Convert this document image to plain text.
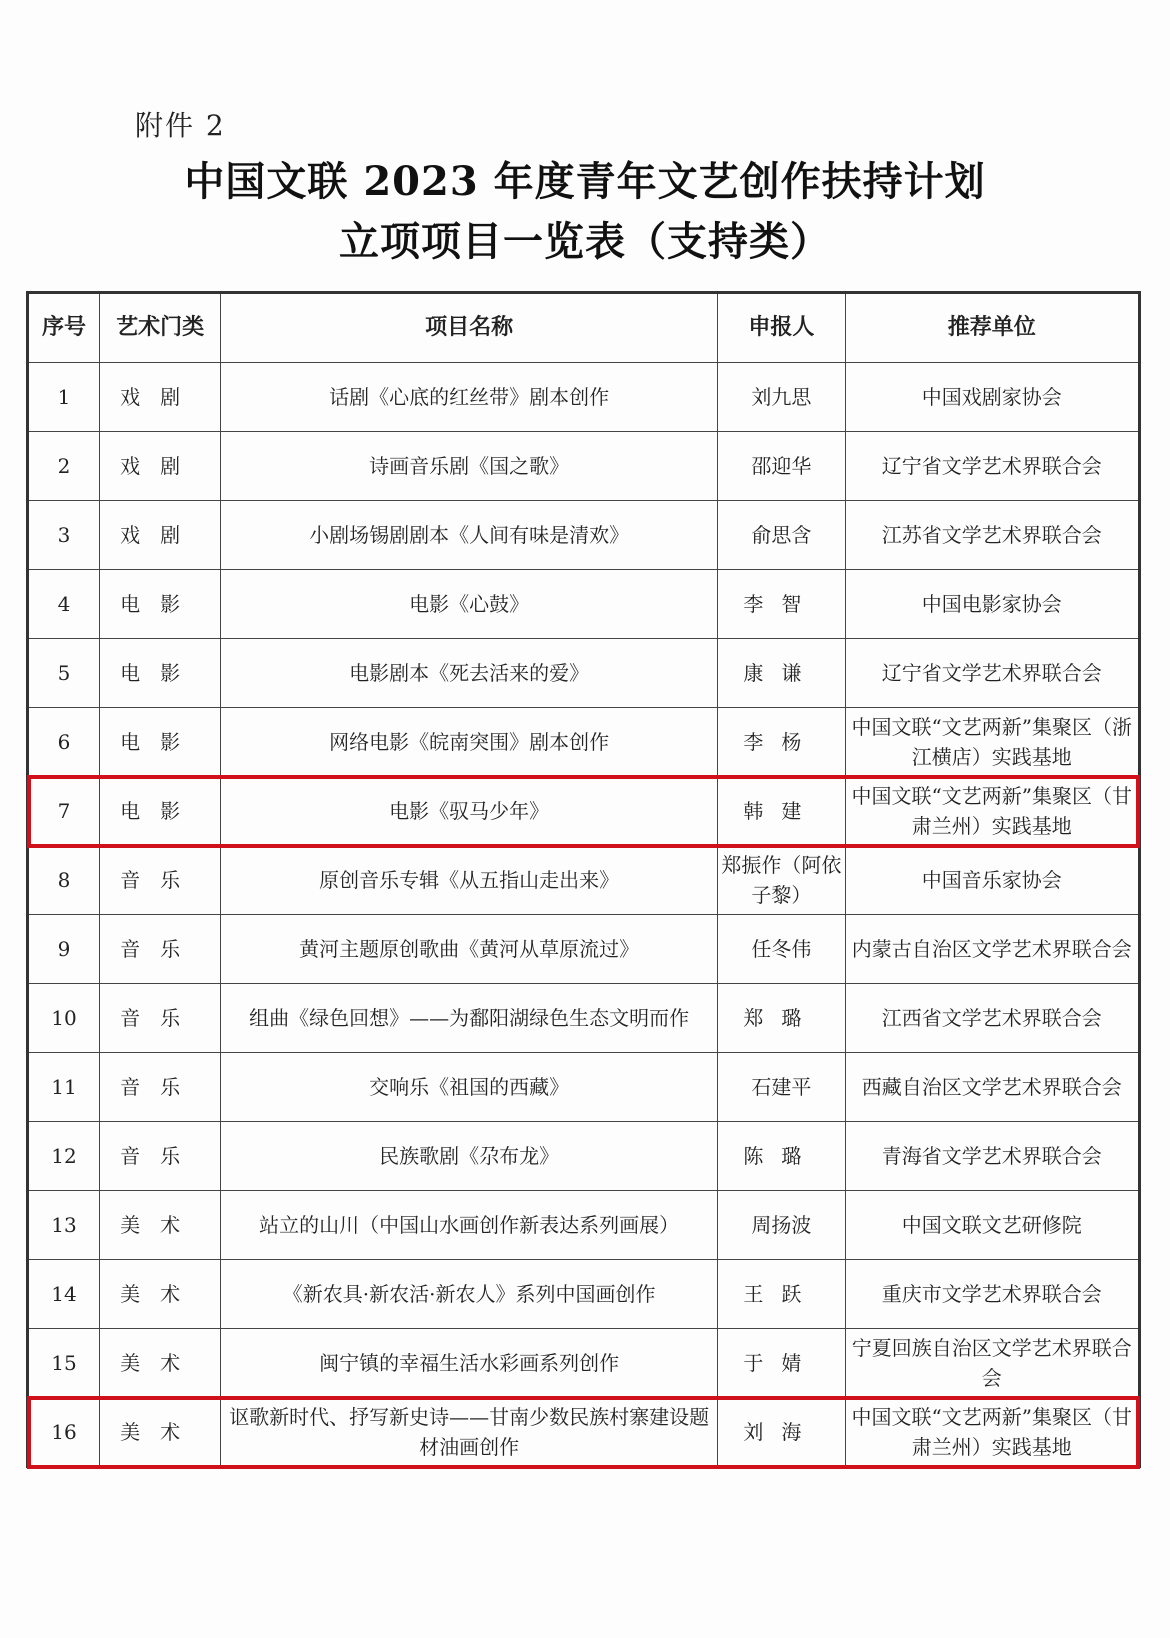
附件 2
中国文联 2023 年度青年文艺创作扶持计划
立项项目一览表（支持类）
序号	艺术门类	项目名称	申报人	推荐单位
1	戏剧	话剧《心底的红丝带》剧本创作	刘九思	中国戏剧家协会
2	戏剧	诗画音乐剧《国之歌》	邵迎华	辽宁省文学艺术界联合会
3	戏剧	小剧场锡剧剧本《人间有味是清欢》	俞思含	江苏省文学艺术界联合会
4	电影	电影《心鼓》	李智	中国电影家协会
5	电影	电影剧本《死去活来的爱》	康谦	辽宁省文学艺术界联合会
6	电影	网络电影《皖南突围》剧本创作	李杨	中国文联“文艺两新”集聚区（浙江横店）实践基地
7	电影	电影《驭马少年》	韩建	中国文联“文艺两新”集聚区（甘肃兰州）实践基地
8	音乐	原创音乐专辑《从五指山走出来》	郑振作（阿依子黎）	中国音乐家协会
9	音乐	黄河主题原创歌曲《黄河从草原流过》	任冬伟	内蒙古自治区文学艺术界联合会
10	音乐	组曲《绿色回想》——为鄱阳湖绿色生态文明而作	郑璐	江西省文学艺术界联合会
11	音乐	交响乐《祖国的西藏》	石建平	西藏自治区文学艺术界联合会
12	音乐	民族歌剧《尕布龙》	陈璐	青海省文学艺术界联合会
13	美术	站立的山川（中国山水画创作新表达系列画展）	周扬波	中国文联文艺研修院
14	美术	《新农具·新农活·新农人》系列中国画创作	王跃	重庆市文学艺术界联合会
15	美术	闽宁镇的幸福生活水彩画系列创作	于婧	宁夏回族自治区文学艺术界联合会
16	美术	讴歌新时代、抒写新史诗——甘南少数民族村寨建设题材油画创作	刘海	中国文联“文艺两新”集聚区（甘肃兰州）实践基地
